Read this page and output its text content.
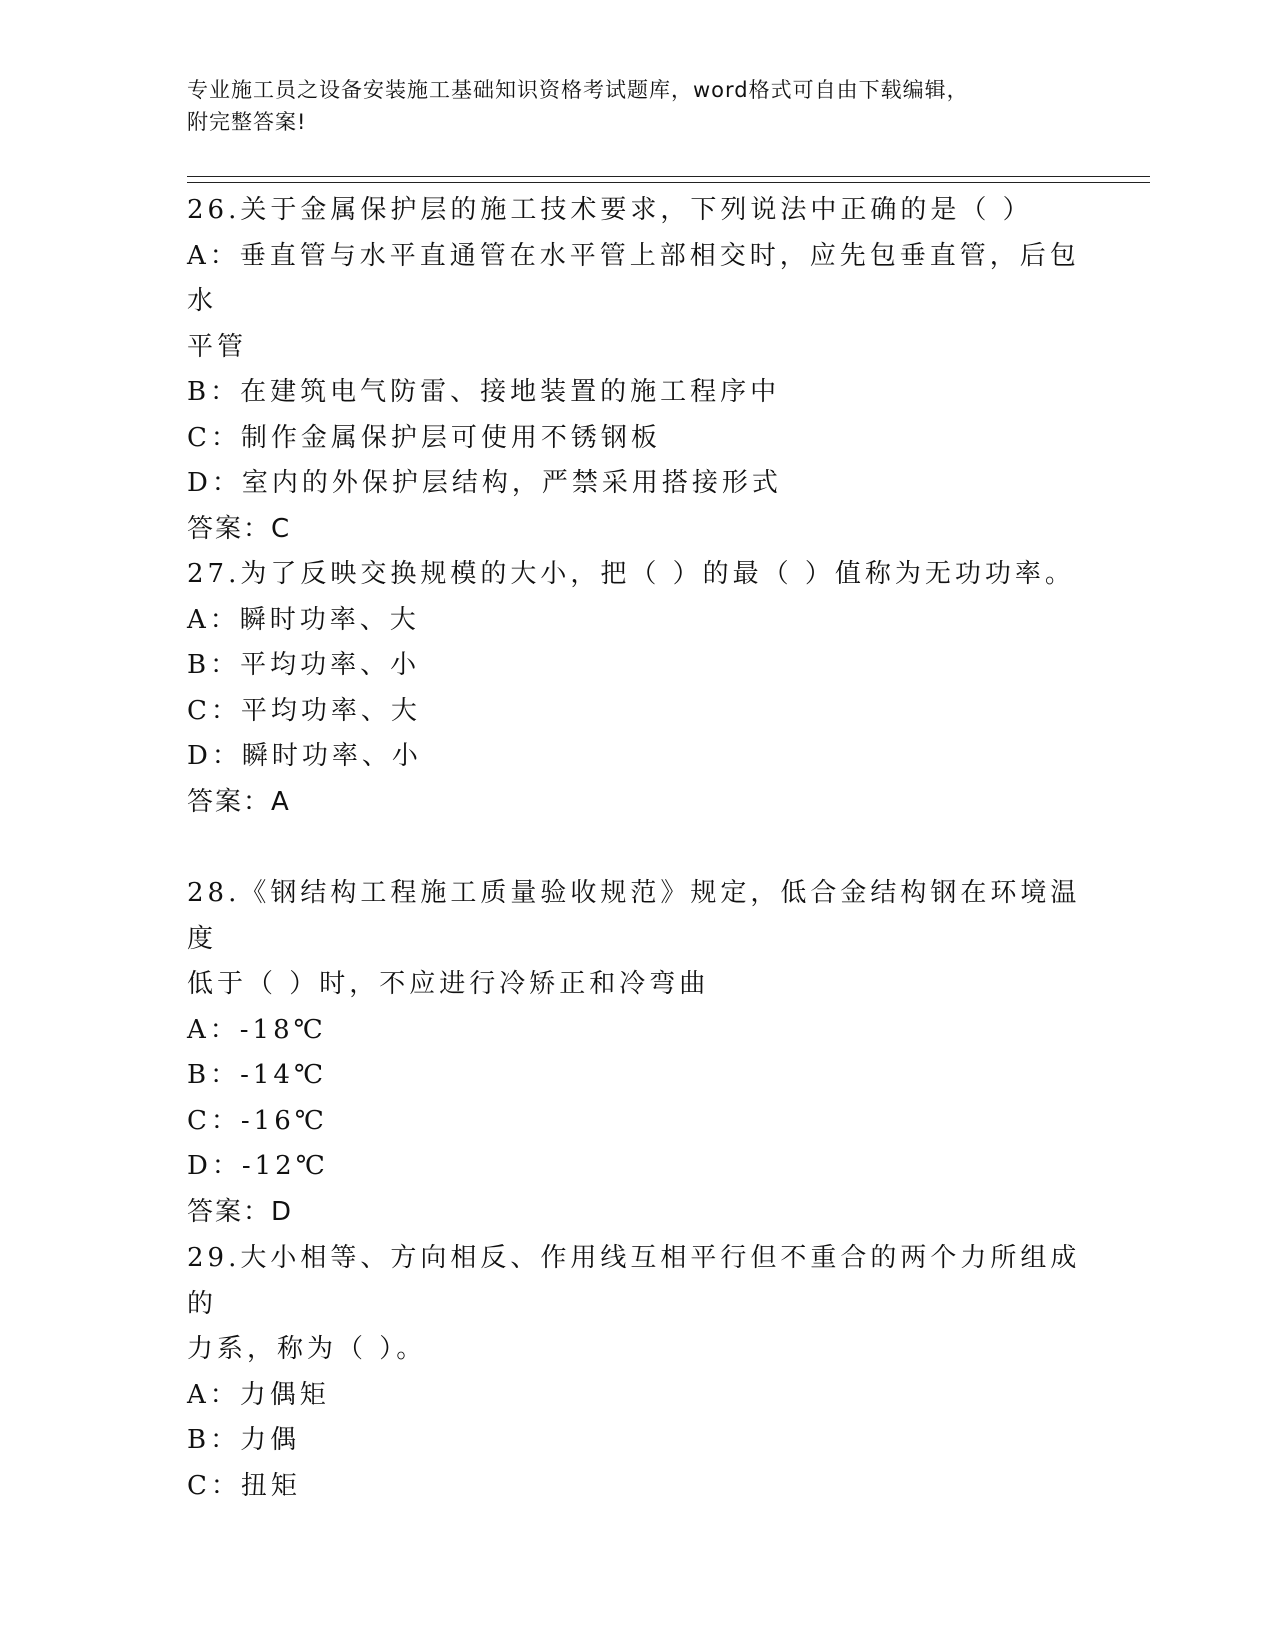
专业施工员之设备安装施工基础知识资格考试题库，word格式可自由下载编辑，
附完整答案!
26.关于金属保护层的施工技术要求，下列说法中正确的是（ ）
A：垂直管与水平直通管在水平管上部相交时，应先包垂直管，后包水
平管
B：在建筑电气防雷、接地装置的施工程序中
C：制作金属保护层可使用不锈钢板
D：室内的外保护层结构，严禁采用搭接形式
答案：C
27.为了反映交换规模的大小，把（ ）的最（ ）值称为无功功率。
A：瞬时功率、大
B：平均功率、小
C：平均功率、大
D：瞬时功率、小
答案：A
28.《钢结构工程施工质量验收规范》规定，低合金结构钢在环境温度
低于（ ）时，不应进行冷矫正和冷弯曲
A：-18℃
B：-14℃
C：-16℃
D：-12℃
答案：D
29.大小相等、方向相反、作用线互相平行但不重合的两个力所组成的
力系，称为（ ）。
A：力偶矩
B：力偶
C：扭矩
